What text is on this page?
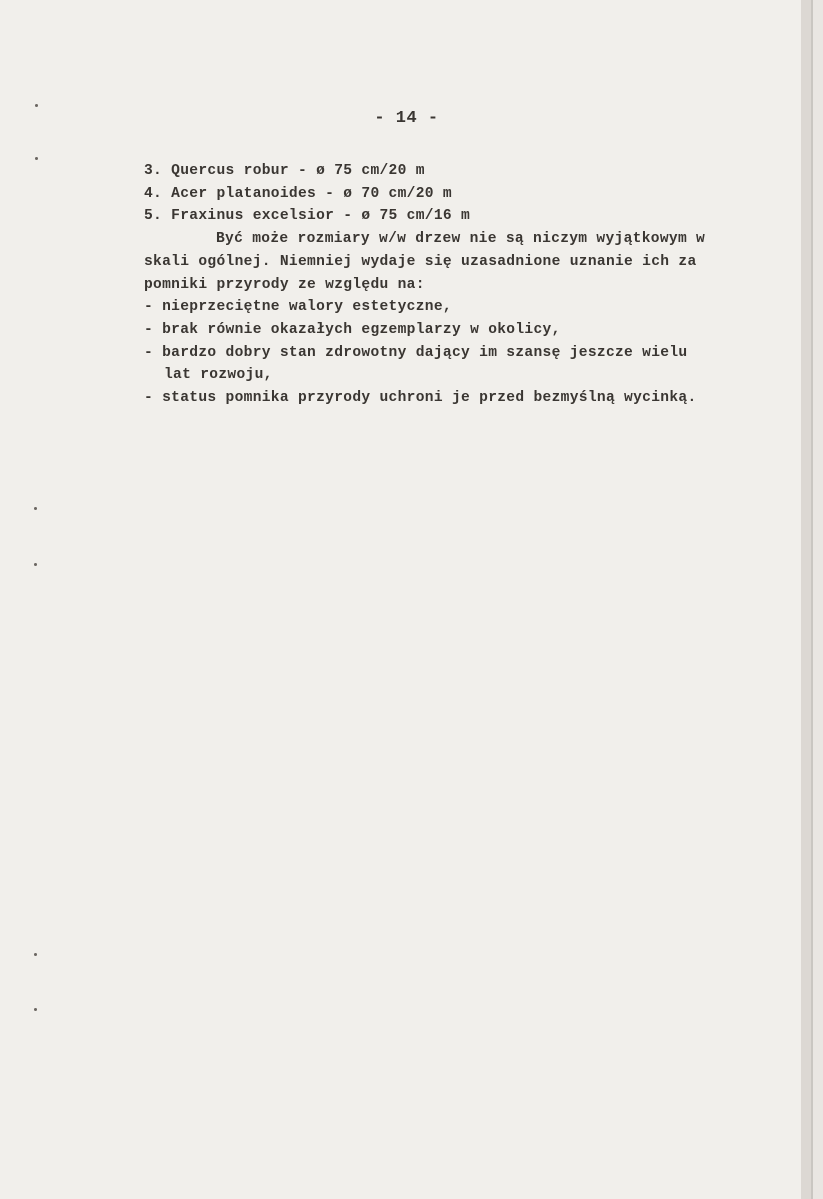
- 14 -
3. Quercus robur - ø 75 cm/20 m
4. Acer platanoides - ø 70 cm/20 m
5. Fraxinus excelsior - ø 75 cm/16 m
Być może rozmiary w/w drzew nie są niczym wyjątkowym w
skali ogólnej. Niemniej wydaje się uzasadnione uznanie ich za
pomniki przyrody ze względu na:
- nieprzeciętne walory estetyczne,
- brak równie okazałych egzemplarzy w okolicy,
- bardzo dobry stan zdrowotny dający im szansę jeszcze wielu
lat rozwoju,
- status pomnika przyrody uchroni je przed bezmyślną wycinką.
